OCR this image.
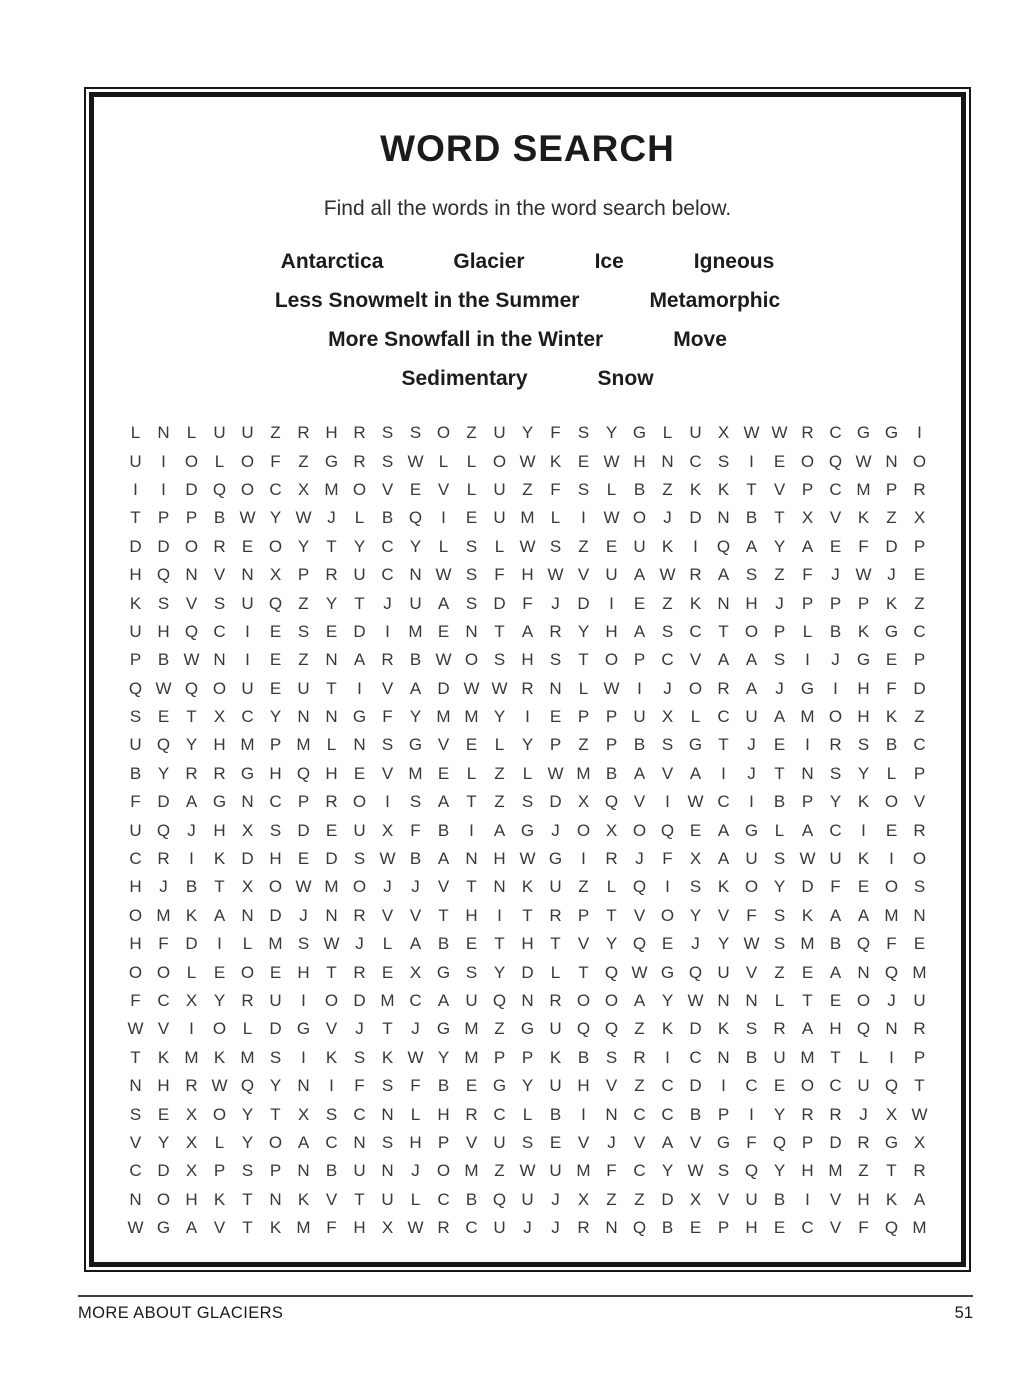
WORD SEARCH
Find all the words in the word search below.
Antarctica	Glacier	Ice	Igneous
Less Snowmelt in the Summer	Metamorphic
More Snowfall in the Winter	Move
Sedimentary	Snow
L	N	L	U U Z R H R S S O Z U Y	F	S Y G L	U X W W R C G G	I
U	I	O L O F	Z G R S W L	L O W K E W H N C S	I	E O Q W N O
I	I	D Q O C X M O V E V	L	U Z	F	S	L	B	Z	K K	T	V P C M P R
T	P P B W Y W J	L	B Q	I	E U M L	I	W O	J	D N B	T	X V K	Z	X
D D O R E O Y	T	Y C Y	L	S	L W S	Z	E U K	I	Q A Y A E	F D P
H Q N V N X P R U C N W S	F H W V U A W R A S	Z	F	J W J	E
K S V S U Q Z	Y	T	J	U A S D F	J	D	I	E	Z	K N H	J	P P P K	Z
U H Q C	I	E S E D	I	M E N T	A R Y H A S C T O P	L	B K G C
P B W N	I	E	Z N A R B W O S H S	T O P C V A A S	I	J	G E P
Q W Q O U E U T	I	V A D W W R N	L W	I	J	O R A	J	G	I	H F D
S E	T	X C Y N N G F	Y M M Y	I	E P P U X	L	C U A M O H K	Z
U Q Y H M P M L	N S G V E	L	Y P	Z	P B S G T	J	E	I	R S B C
B Y R R G H Q H E V M E	L	Z	L W M B A V A	I	J	T N S Y	L	P
F D A G N C P R O	I	S A	T	Z	S D X Q V	I	W C	I	B P Y K O V
U Q	J	H X S D E U X	F	B	I	A G	J	O X O Q E A G L	A C	I	E R
C R	I	K D H E D S W B A N H W G	I	R	J	F	X A U S W U K	I	O
H	J	B	T	X O W M O	J	J	V	T N K U Z	L Q	I	S K O Y D F	E O S
O M K A N D	J	N R V V	T H	I	T R P	T	V O Y V	F	S K A A M N
H F D	I	L M S W J	L	A B E	T H T	V Y Q E	J	Y W S M B Q F	E
O O L	E O E H T R E X G S Y D	L	T Q W G Q U V	Z	E A N Q M
F C X Y R U	I	O D M C A U Q N R O O A Y W N N	L	T	E O	J	U
W V	I	O L	D G V	J	T	J	G M Z G U Q Q Z	K D K S R A H Q N R
T	K M K M S	I	K S K W Y M P P K B S R	I	C N B U M T	L	I	P
N H R W Q Y N	I	F	S	F	B E G Y U H V	Z C D	I	C E O C U Q T
S E X O Y	T	X S C N	L	H R C	L	B	I	N C C B P	I	Y R R	J	X W
V Y X	L	Y O A C N S H P V U S E V	J	V A V G F Q P D R G X
C D X P S P N B U N	J	O M Z W U M F C Y W S Q Y H M Z	T R
N O H K	T N K V	T U	L	C B Q U	J	X	Z	Z D X V U B	I	V H K A
W G A V	T	K M F H X W R C U	J	J	R N Q B E P H E C V	F Q M
MORE ABOUT GLACIERS	51
